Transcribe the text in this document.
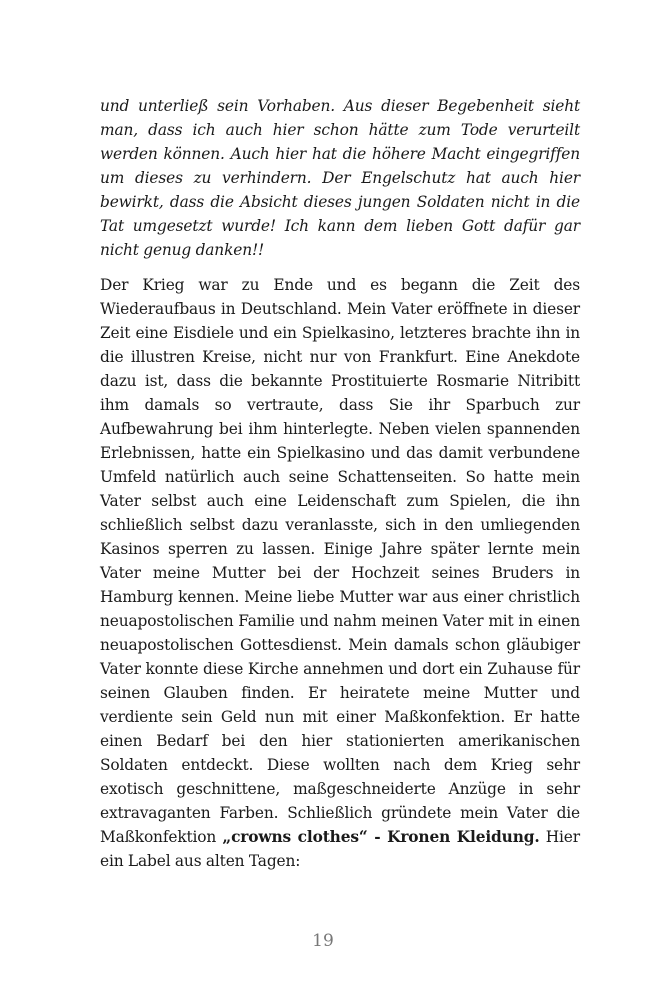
und unterließ sein Vorhaben. Aus dieser Begebenheit sieht man, dass ich auch hier schon hätte zum Tode verurteilt werden können. Auch hier hat die höhere Macht eingegriffen um dieses zu verhindern. Der Engelschutz hat auch hier bewirkt, dass die Absicht dieses jungen Soldaten nicht in die Tat umgesetzt wurde! Ich kann dem lieben Gott dafür gar nicht genug danken!!

Der Krieg war zu Ende und es begann die Zeit des Wiederaufbaus in Deutschland. Mein Vater eröffnete in dieser Zeit eine Eisdiele und ein Spielkasino, letzteres brachte ihn in die illustren Kreise, nicht nur von Frankfurt. Eine Anekdote dazu ist, dass die bekannte Prostituierte Rosmarie Nitribitt ihm damals so vertraute, dass Sie ihr Sparbuch zur Aufbewahrung bei ihm hinterlegte. Neben vielen spannenden Erlebnissen, hatte ein Spielkasino und das damit verbundene Umfeld natürlich auch seine Schattenseiten. So hatte mein Vater selbst auch eine Leidenschaft zum Spielen, die ihn schließlich selbst dazu veranlasste, sich in den umliegenden Kasinos sperren zu lassen. Einige Jahre später lernte mein Vater meine Mutter bei der Hochzeit seines Bruders in Hamburg kennen. Meine liebe Mutter war aus einer christlich neuapostolischen Familie und nahm meinen Vater mit in einen neuapostolischen Gottesdienst. Mein damals schon gläubiger Vater konnte diese Kirche annehmen und dort ein Zuhause für seinen Glauben finden. Er heiratete meine Mutter und verdiente sein Geld nun mit einer Maßkonfektion. Er hatte einen Bedarf bei den hier stationierten amerikanischen Soldaten entdeckt. Diese wollten nach dem Krieg sehr exotisch geschnittene, maßgeschneiderte Anzüge in sehr extravaganten Farben. Schließlich gründete mein Vater die Maßkonfektion „crowns clothes“ - Kronen Kleidung. Hier ein Label aus alten Tagen:

19
